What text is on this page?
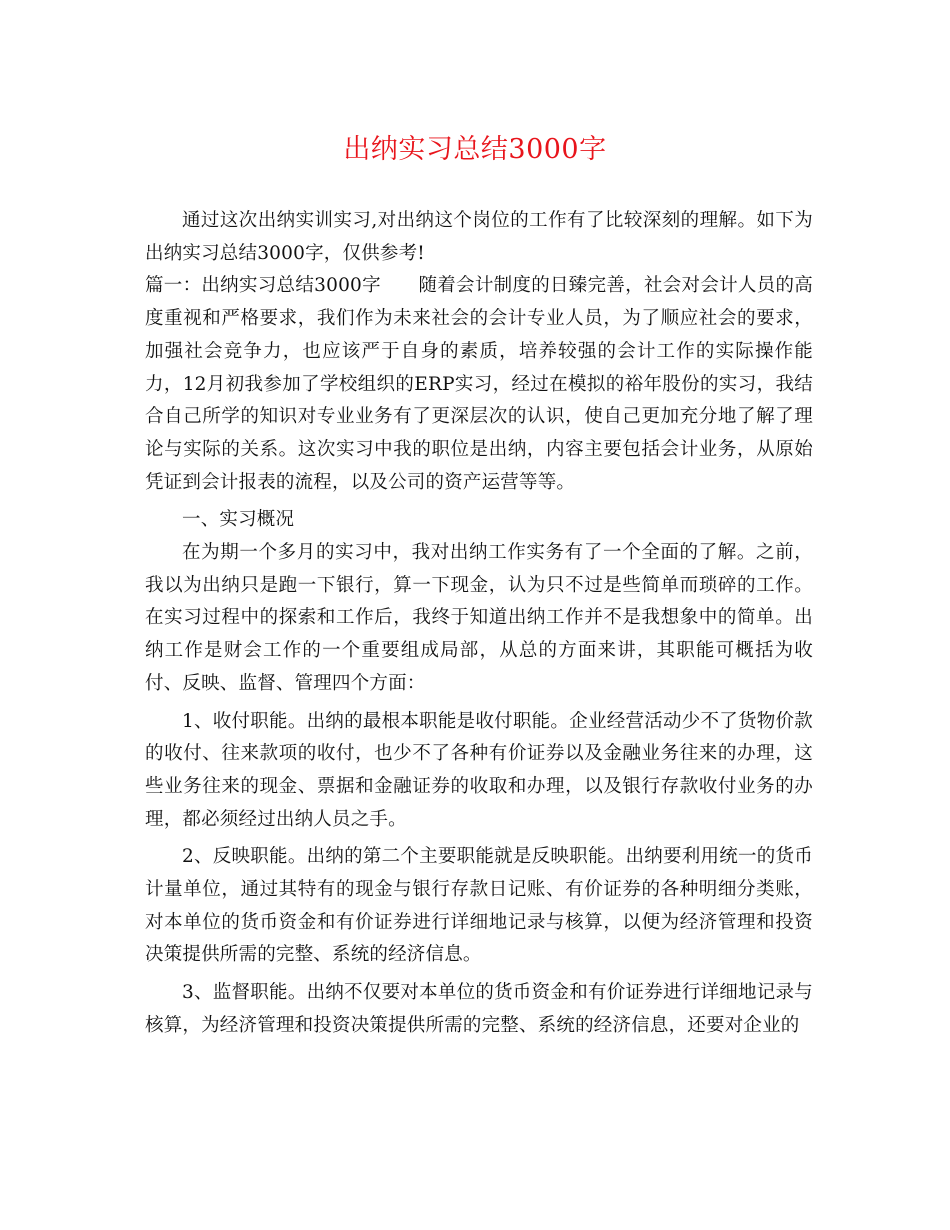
出纳实习总结3000字

通过这次出纳实训实习,对出纳这个岗位的工作有了比较深刻的理解。如下为出纳实习总结3000字，仅供参考!

篇一：出纳实习总结3000字　　随着会计制度的日臻完善，社会对会计人员的高度重视和严格要求，我们作为未来社会的会计专业人员，为了顺应社会的要求，加强社会竞争力，也应该严于自身的素质，培养较强的会计工作的实际操作能力，12月初我参加了学校组织的ERP实习，经过在模拟的裕年股份的实习，我结合自己所学的知识对专业业务有了更深层次的认识，使自己更加充分地了解了理论与实际的关系。这次实习中我的职位是出纳，内容主要包括会计业务，从原始凭证到会计报表的流程，以及公司的资产运营等等。

一、实习概况

在为期一个多月的实习中，我对出纳工作实务有了一个全面的了解。之前，我以为出纳只是跑一下银行，算一下现金，认为只不过是些简单而琐碎的工作。在实习过程中的探索和工作后，我终于知道出纳工作并不是我想象中的简单。出纳工作是财会工作的一个重要组成局部，从总的方面来讲，其职能可概括为收付、反映、监督、管理四个方面：

1、收付职能。出纳的最根本职能是收付职能。企业经营活动少不了货物价款的收付、往来款项的收付，也少不了各种有价证券以及金融业务往来的办理，这些业务往来的现金、票据和金融证券的收取和办理，以及银行存款收付业务的办理，都必须经过出纳人员之手。

2、反映职能。出纳的第二个主要职能就是反映职能。出纳要利用统一的货币计量单位，通过其特有的现金与银行存款日记账、有价证券的各种明细分类账，对本单位的货币资金和有价证券进行详细地记录与核算，以便为经济管理和投资决策提供所需的完整、系统的经济信息。

3、监督职能。出纳不仅要对本单位的货币资金和有价证券进行详细地记录与核算，为经济管理和投资决策提供所需的完整、系统的经济信息，还要对企业的
